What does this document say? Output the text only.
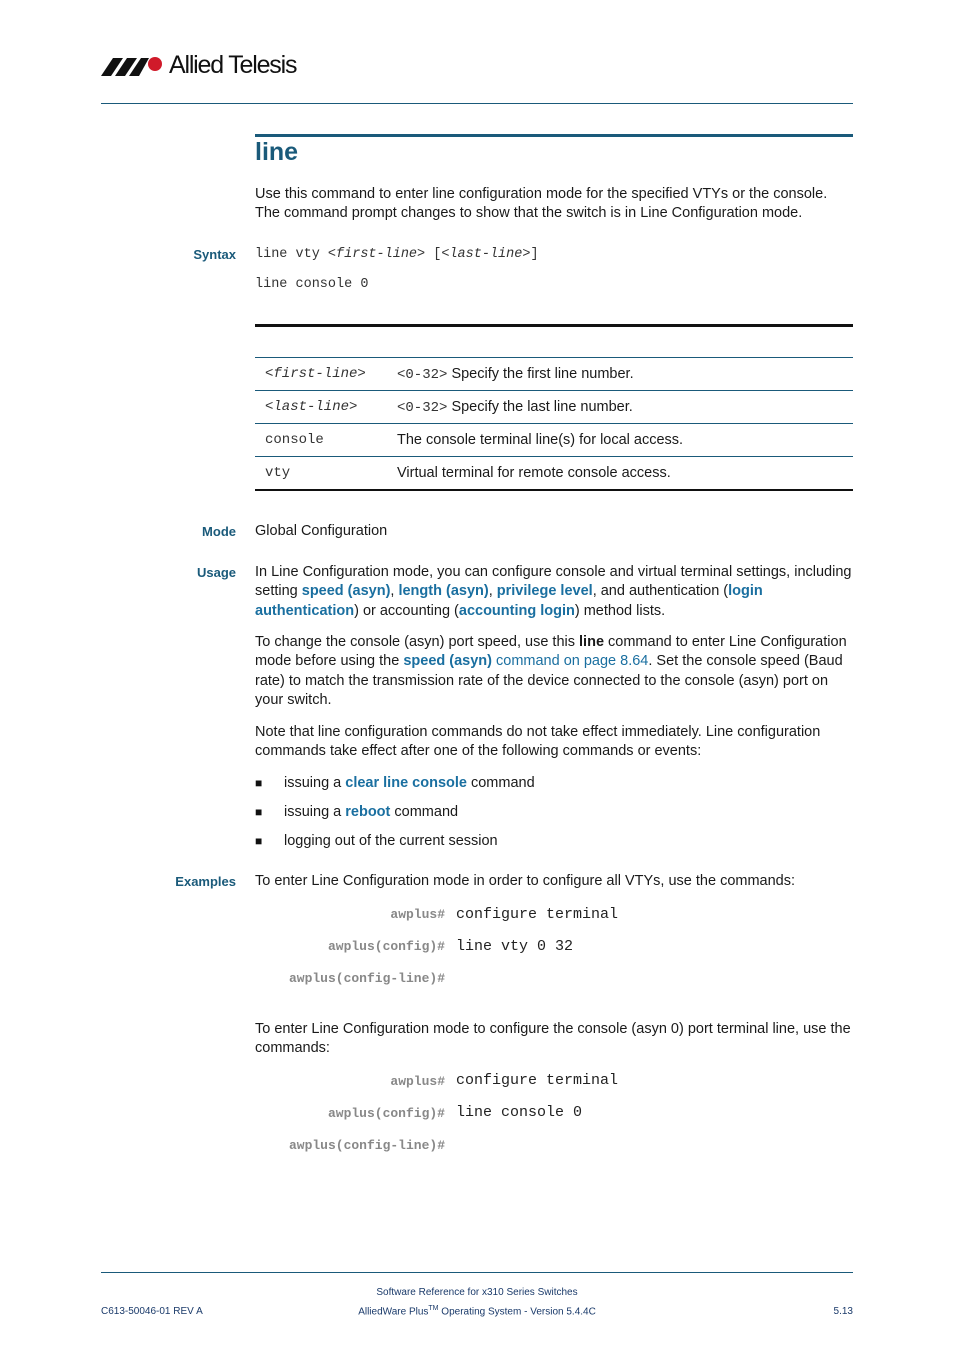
Allied Telesis
line
Use this command to enter line configuration mode for the specified VTYs or the console. The command prompt changes to show that the switch is in Line Configuration mode.
Syntax line vty <first-line> [<last-line>]
line console 0
<first-line>	<0-32> Specify the first line number.
<last-line>	<0-32> Specify the last line number.
console	The console terminal line(s) for local access.
vty	Virtual terminal for remote console access.
Mode Global Configuration
Usage In Line Configuration mode, you can configure console and virtual terminal settings, including setting speed (asyn), length (asyn), privilege level, and authentication (login authentication) or accounting (accounting login) method lists.
To change the console (asyn) port speed, use this line command to enter Line Configuration mode before using the speed (asyn) command on page 8.64. Set the console speed (Baud rate) to match the transmission rate of the device connected to the console (asyn) port on your switch.
Note that line configuration commands do not take effect immediately. Line configuration commands take effect after one of the following commands or events:
■ issuing a clear line console command
■ issuing a reboot command
■ logging out of the current session
Examples To enter Line Configuration mode in order to configure all VTYs, use the commands:
awplus# configure terminal
awplus(config)# line vty 0 32
awplus(config-line)#
To enter Line Configuration mode to configure the console (asyn 0) port terminal line, use the commands:
awplus# configure terminal
awplus(config)# line console 0
awplus(config-line)#
Software Reference for x310 Series Switches
AlliedWare Plus™ Operating System - Version 5.4.4C
C613-50046-01 REV A	5.13
